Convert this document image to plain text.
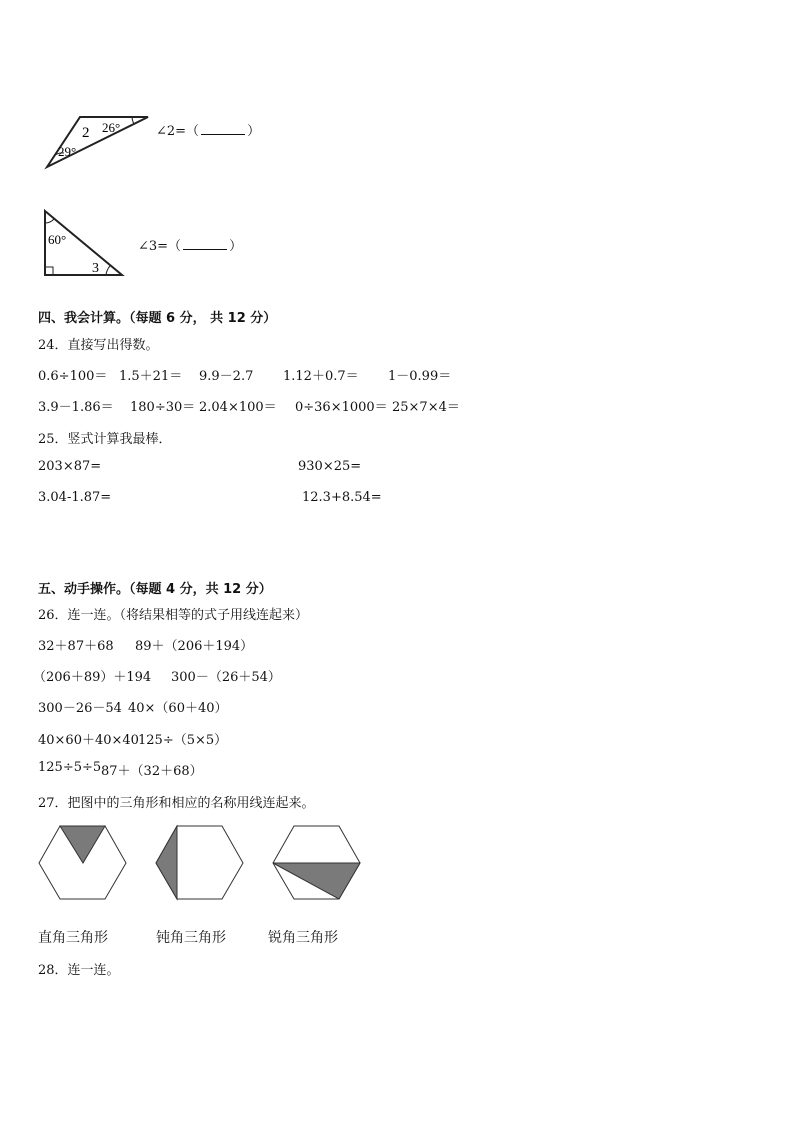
2 26°
29°
∠2=（	）
60°
3
∠3=（	）
四、我会计算。（每题 6 分， 共 12 分）
24．直接写出得数。
0.6÷100＝ 1.5＋21＝ 9.9－2.7 1.12＋0.7＝ 1－0.99＝
3.9－1.86＝ 180÷30＝ 2.04×100＝ 0÷36×1000＝ 25×7×4＝
25．竖式计算我最棒．
203×87=	930×25=
3.04-1.87=	12.3+8.54=
五、动手操作。（每题 4 分，共 12 分）
26．连一连。（将结果相等的式子用线连起来）
32＋87＋68 89＋（206＋194）
（206＋89）＋194 300－（26＋54）
300－26－54 40×（60＋40）
40×60＋40×40 125÷（5×5）
125÷5÷5 87＋（32＋68）
27．把图中的三角形和相应的名称用线连起来。
直角三角形	钝角三角形	锐角三角形
28．连一连。
